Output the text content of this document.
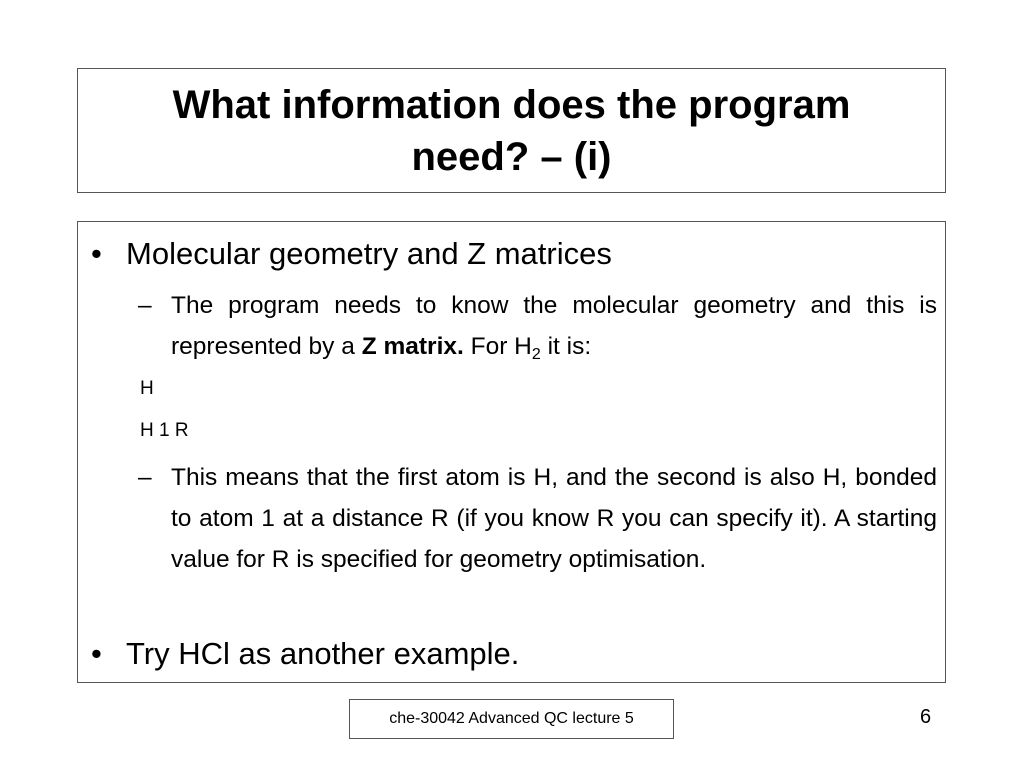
What information does the program need? – (i)
• Molecular geometry and Z matrices
– The program needs to know the molecular geometry and this is represented by a Z matrix. For $H_2$ it is:
H
H 1 R
– This means that the first atom is H, and the second is also H, bonded to atom 1 at a distance R (if you know R you can specify it). A starting value for R is specified for geometry optimisation.
• Try HCl as another example.
che-30042 Advanced QC lecture 5	6
